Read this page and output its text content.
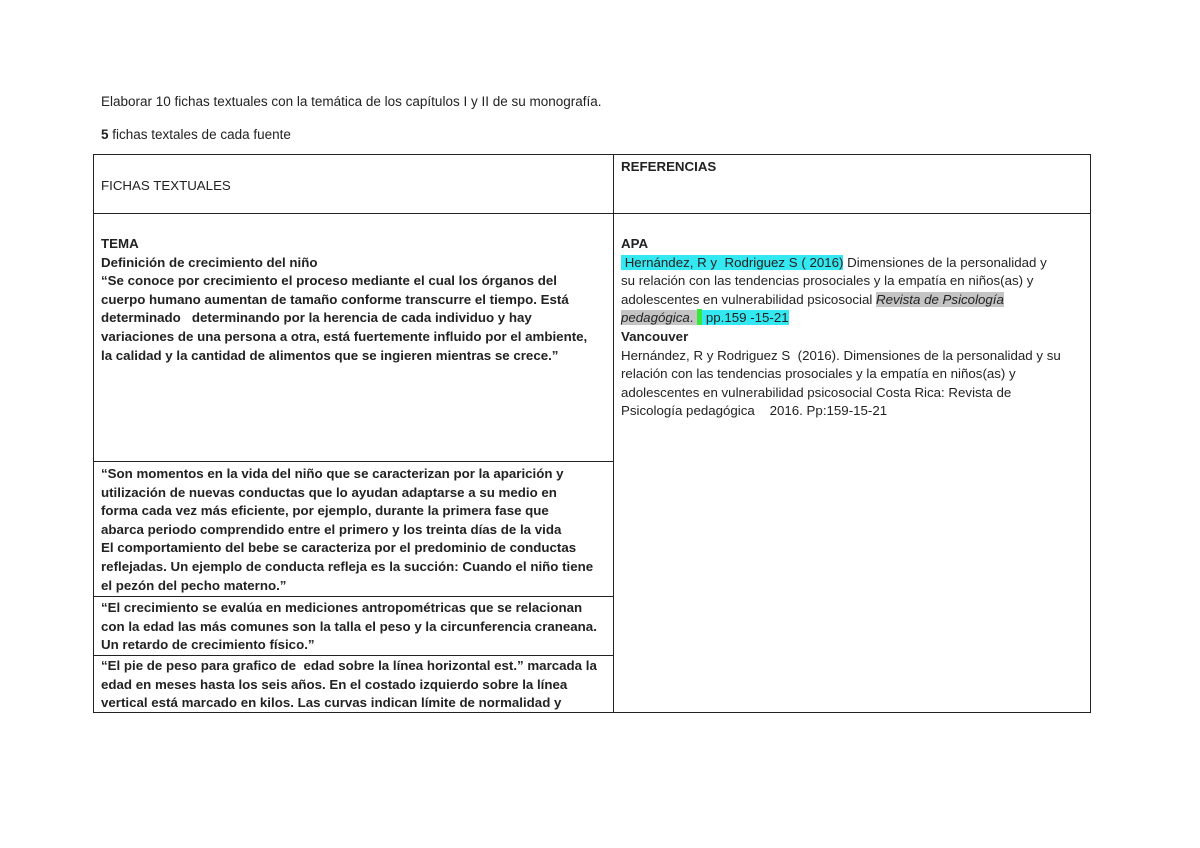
Elaborar 10 fichas textuales con la temática de los capítulos I y II de su monografía.
5 fichas textales de cada fuente
FICHAS TEXTUALES
REFERENCIAS
TEMA
Definición de crecimiento del niño
“Se conoce por crecimiento el proceso mediante el cual los órganos del
cuerpo humano aumentan de tamaño conforme transcurre el tiempo. Está
determinado   determinando por la herencia de cada individuo y hay
variaciones de una persona a otra, está fuertemente influido por el ambiente,
la calidad y la cantidad de alimentos que se ingieren mientras se crece.”
“Son momentos en la vida del niño que se caracterizan por la aparición y
utilización de nuevas conductas que lo ayudan adaptarse a su medio en
forma cada vez más eficiente, por ejemplo, durante la primera fase que
abarca periodo comprendido entre el primero y los treinta días de la vida
El comportamiento del bebe se caracteriza por el predominio de conductas
reflejadas. Un ejemplo de conducta refleja es la succión: Cuando el niño tiene
el pezón del pecho materno.”
“El crecimiento se evalúa en mediciones antropométricas que se relacionan
con la edad las más comunes son la talla el peso y la circunferencia craneana.
Un retardo de crecimiento físico.”
“El pie de peso para grafico de  edad sobre la línea horizontal est.” marcada la
edad en meses hasta los seis años. En el costado izquierdo sobre la línea
vertical está marcado en kilos. Las curvas indican límite de normalidad y
APA
Hernández, R y  Rodriguez S ( 2016) Dimensiones de la personalidad y
su relación con las tendencias prosociales y la empatía en niños(as) y
adolescentes en vulnerabilidad psicosocial Revista de Psicología
pedagógica.  pp.159 -15-21
Vancouver
Hernández, R y Rodriguez S  (2016). Dimensiones de la personalidad y su
relación con las tendencias prosociales y la empatía en niños(as) y
adolescentes en vulnerabilidad psicosocial Costa Rica: Revista de
Psicología pedagógica    2016. Pp:159-15-21
